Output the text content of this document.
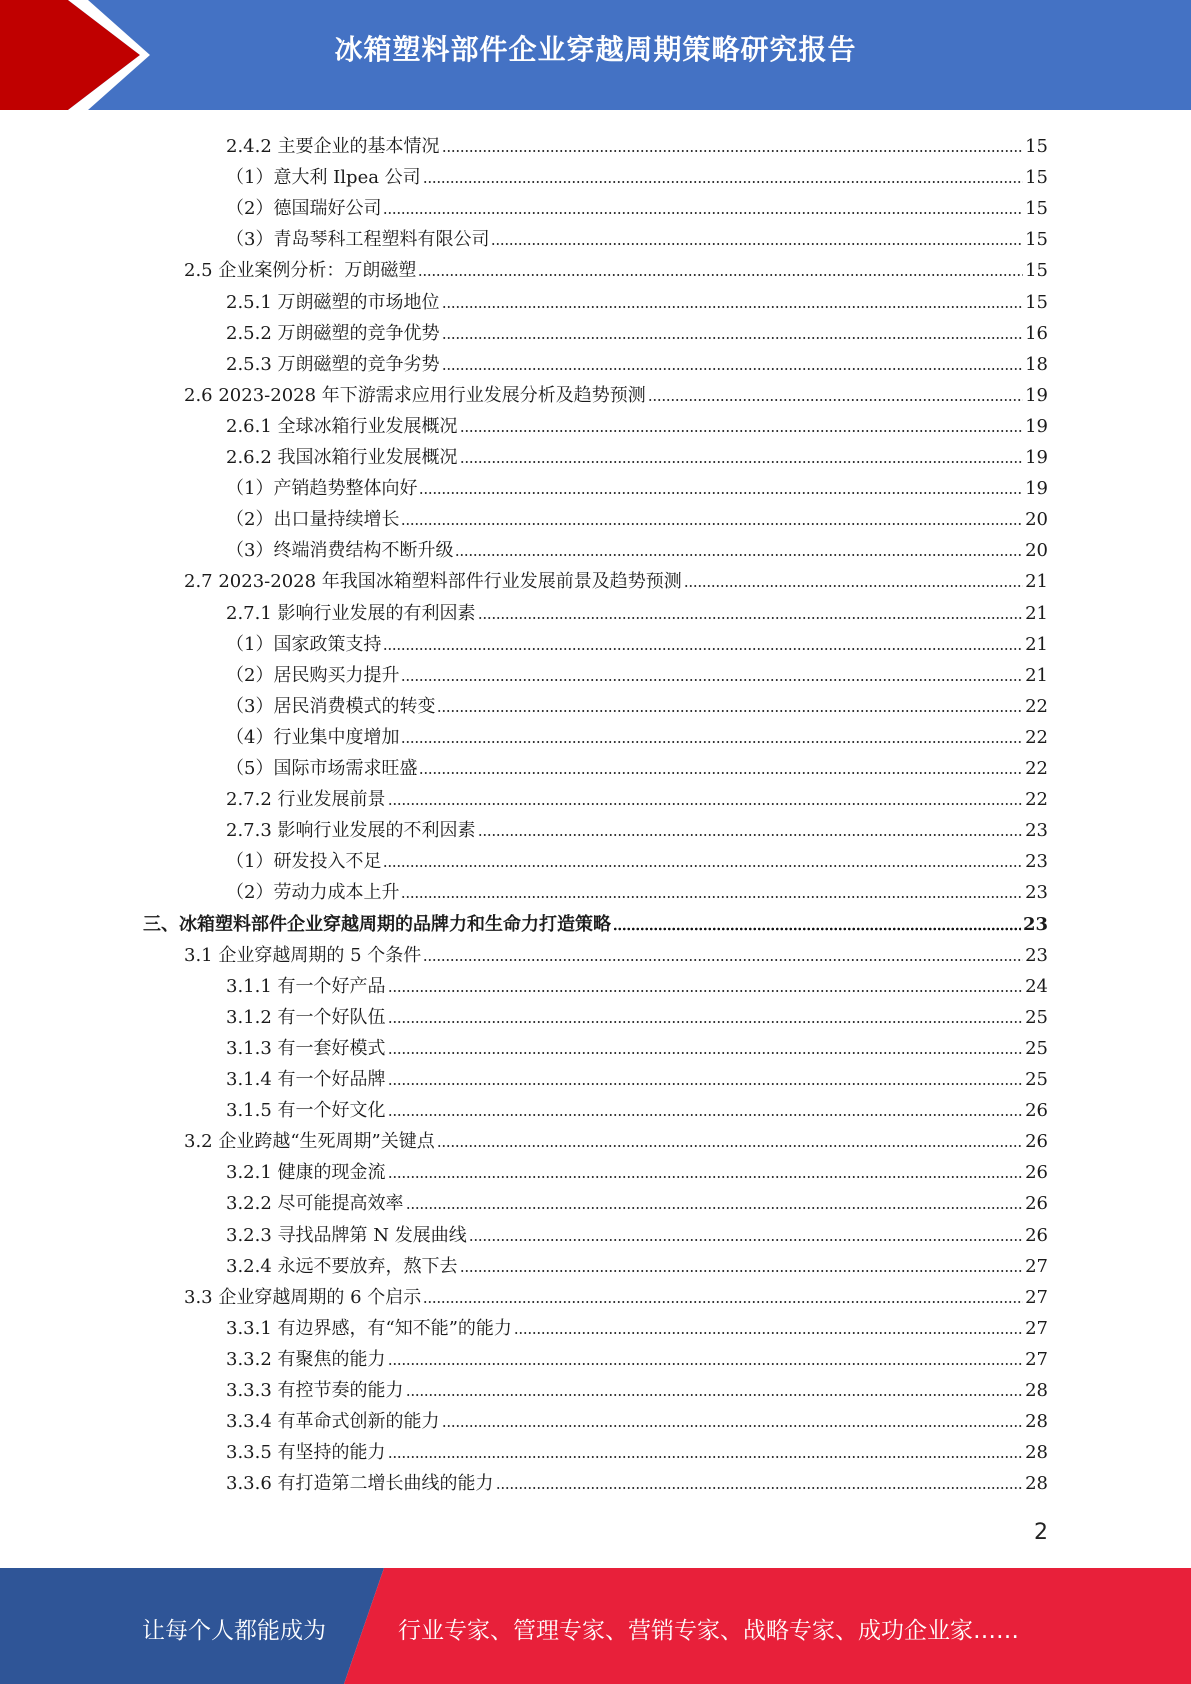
冰箱塑料部件企业穿越周期策略研究报告
2.4.2 主要企业的基本情况	15
（1）意大利 Ilpea 公司	15
（2）德国瑞好公司	15
（3）青岛琴科工程塑料有限公司	15
2.5 企业案例分析：万朗磁塑	15
2.5.1 万朗磁塑的市场地位	15
2.5.2 万朗磁塑的竞争优势	16
2.5.3 万朗磁塑的竞争劣势	18
2.6 2023-2028 年下游需求应用行业发展分析及趋势预测	19
2.6.1 全球冰箱行业发展概况	19
2.6.2 我国冰箱行业发展概况	19
（1）产销趋势整体向好	19
（2）出口量持续增长	20
（3）终端消费结构不断升级	20
2.7 2023-2028 年我国冰箱塑料部件行业发展前景及趋势预测	21
2.7.1 影响行业发展的有利因素	21
（1）国家政策支持	21
（2）居民购买力提升	21
（3）居民消费模式的转变	22
（4）行业集中度增加	22
（5）国际市场需求旺盛	22
2.7.2 行业发展前景	22
2.7.3 影响行业发展的不利因素	23
（1）研发投入不足	23
（2）劳动力成本上升	23
三、冰箱塑料部件企业穿越周期的品牌力和生命力打造策略	23
3.1 企业穿越周期的 5 个条件	23
3.1.1 有一个好产品	24
3.1.2 有一个好队伍	25
3.1.3 有一套好模式	25
3.1.4 有一个好品牌	25
3.1.5 有一个好文化	26
3.2 企业跨越“生死周期”关键点	26
3.2.1 健康的现金流	26
3.2.2 尽可能提高效率	26
3.2.3 寻找品牌第 N 发展曲线	26
3.2.4 永远不要放弃，熬下去	27
3.3 企业穿越周期的 6 个启示	27
3.3.1 有边界感，有“知不能”的能力	27
3.3.2 有聚焦的能力	27
3.3.3 有控节奏的能力	28
3.3.4 有革命式创新的能力	28
3.3.5 有坚持的能力	28
3.3.6 有打造第二增长曲线的能力	28
2
让每个人都能成为	行业专家、管理专家、营销专家、战略专家、成功企业家……
